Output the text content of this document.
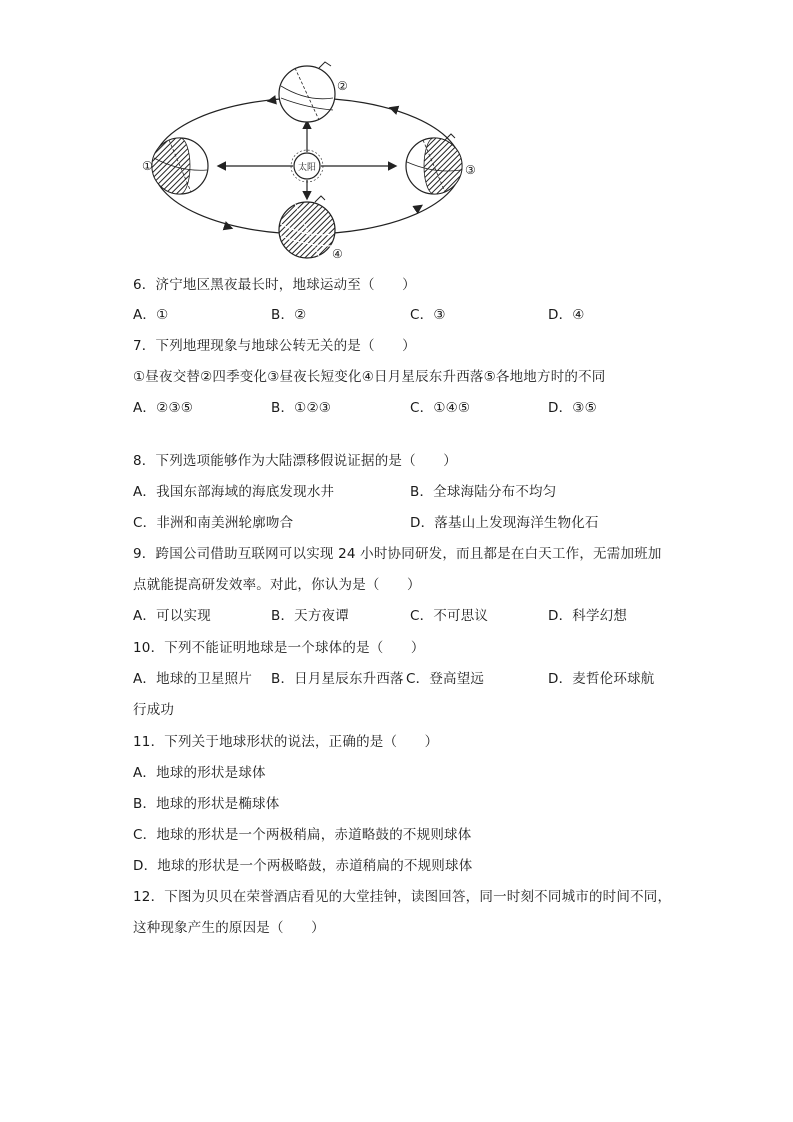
太阳
①
②
③
④
6．济宁地区黑夜最长时，地球运动至（　　）
A．①	B．②	C．③	D．④
7．下列地理现象与地球公转无关的是（　　）
①昼夜交替②四季变化③昼夜长短变化④日月星辰东升西落⑤各地地方时的不同
A．②③⑤	B．①②③	C．①④⑤	D．③⑤
8．下列选项能够作为大陆漂移假说证据的是（　　）
A．我国东部海域的海底发现水井	B．全球海陆分布不均匀
C．非洲和南美洲轮廓吻合	D．落基山上发现海洋生物化石
9．跨国公司借助互联网可以实现 24 小时协同研发，而且都是在白天工作，无需加班加
点就能提高研发效率。对此，你认为是（　　）
A．可以实现	B．天方夜谭	C．不可思议	D．科学幻想
10．下列不能证明地球是一个球体的是（　　）
A．地球的卫星照片 B．日月星辰东升西落 C．登高望远	D．麦哲伦环球航
行成功
11．下列关于地球形状的说法，正确的是（　　）
A．地球的形状是球体
B．地球的形状是椭球体
C．地球的形状是一个两极稍扁，赤道略鼓的不规则球体
D．地球的形状是一个两极略鼓，赤道稍扁的不规则球体
12．下图为贝贝在荣誉酒店看见的大堂挂钟，读图回答，同一时刻不同城市的时间不同，
这种现象产生的原因是（　　）
